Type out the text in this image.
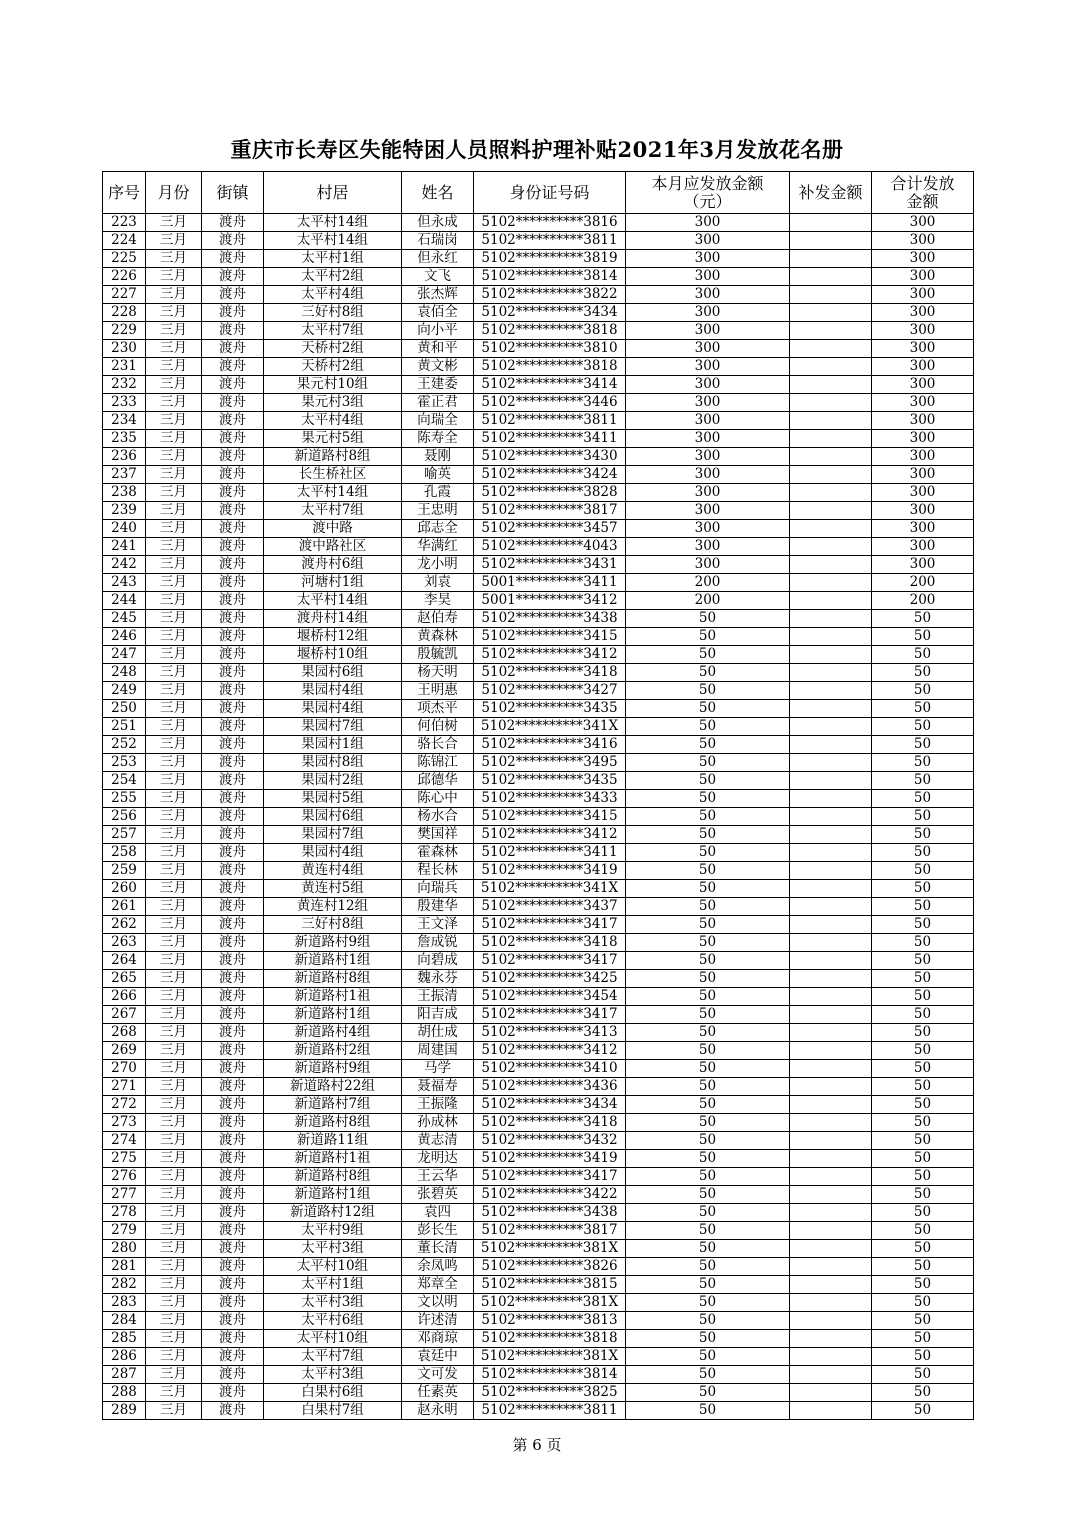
重庆市长寿区失能特困人员照料护理补贴2021年3月发放花名册
序号	月份	街镇	村居	姓名	身份证号码	本月应发放金额（元）	补发金额	合计发放金额
223	三月	渡舟	太平村14组	但永成	5102**********3816	300		300
224	三月	渡舟	太平村14组	石瑞岗	5102**********3811	300		300
225	三月	渡舟	太平村1组	但永红	5102**********3819	300		300
226	三月	渡舟	太平村2组	文飞	5102**********3814	300		300
227	三月	渡舟	太平村4组	张杰辉	5102**********3822	300		300
228	三月	渡舟	三好村8组	袁佰全	5102**********3434	300		300
229	三月	渡舟	太平村7组	向小平	5102**********3818	300		300
230	三月	渡舟	天桥村2组	黄和平	5102**********3810	300		300
231	三月	渡舟	天桥村2组	黄文彬	5102**********3818	300		300
232	三月	渡舟	果元村10组	王建委	5102**********3414	300		300
233	三月	渡舟	果元村3组	霍正君	5102**********3446	300		300
234	三月	渡舟	太平村4组	向瑞全	5102**********3811	300		300
235	三月	渡舟	果元村5组	陈寿全	5102**********3411	300		300
236	三月	渡舟	新道路村8组	聂刚	5102**********3430	300		300
237	三月	渡舟	长生桥社区	喻英	5102**********3424	300		300
238	三月	渡舟	太平村14组	孔霞	5102**********3828	300		300
239	三月	渡舟	太平村7组	王忠明	5102**********3817	300		300
240	三月	渡舟	渡中路	邱志全	5102**********3457	300		300
241	三月	渡舟	渡中路社区	华满红	5102**********4043	300		300
242	三月	渡舟	渡舟村6组	龙小明	5102**********3431	300		300
243	三月	渡舟	河塘村1组	刘袁	5001**********3411	200		200
244	三月	渡舟	太平村14组	李昊	5001**********3412	200		200
245	三月	渡舟	渡舟村14组	赵伯寿	5102**********3438	50		50
246	三月	渡舟	堰桥村12组	黄森林	5102**********3415	50		50
247	三月	渡舟	堰桥村10组	殷毓凯	5102**********3412	50		50
248	三月	渡舟	果园村6组	杨天明	5102**********3418	50		50
249	三月	渡舟	果园村4组	王明惠	5102**********3427	50		50
250	三月	渡舟	果园村4组	项杰平	5102**********3435	50		50
251	三月	渡舟	果园村7组	何伯树	5102**********341X	50		50
252	三月	渡舟	果园村1组	骆长合	5102**********3416	50		50
253	三月	渡舟	果园村8组	陈锦江	5102**********3495	50		50
254	三月	渡舟	果园村2组	邱德华	5102**********3435	50		50
255	三月	渡舟	果园村5组	陈心中	5102**********3433	50		50
256	三月	渡舟	果园村6组	杨水合	5102**********3415	50		50
257	三月	渡舟	果园村7组	樊国祥	5102**********3412	50		50
258	三月	渡舟	果园村4组	霍森林	5102**********3411	50		50
259	三月	渡舟	黄连村4组	程长林	5102**********3419	50		50
260	三月	渡舟	黄连村5组	向瑞兵	5102**********341X	50		50
261	三月	渡舟	黄连村12组	殷建华	5102**********3437	50		50
262	三月	渡舟	三好村8组	王文泽	5102**********3417	50		50
263	三月	渡舟	新道路村9组	詹成锐	5102**********3418	50		50
264	三月	渡舟	新道路村1组	向碧成	5102**********3417	50		50
265	三月	渡舟	新道路村8组	魏永芬	5102**********3425	50		50
266	三月	渡舟	新道路村1祖	王振清	5102**********3454	50		50
267	三月	渡舟	新道路村1组	阳吉成	5102**********3417	50		50
268	三月	渡舟	新道路村4组	胡仕成	5102**********3413	50		50
269	三月	渡舟	新道路村2组	周建国	5102**********3412	50		50
270	三月	渡舟	新道路村9组	马学	5102**********3410	50		50
271	三月	渡舟	新道路村22组	聂福寿	5102**********3436	50		50
272	三月	渡舟	新道路村7组	王振隆	5102**********3434	50		50
273	三月	渡舟	新道路村8组	孙成林	5102**********3418	50		50
274	三月	渡舟	新道路11组	黄志清	5102**********3432	50		50
275	三月	渡舟	新道路村1祖	龙明达	5102**********3419	50		50
276	三月	渡舟	新道路村8组	王云华	5102**********3417	50		50
277	三月	渡舟	新道路村1组	张碧英	5102**********3422	50		50
278	三月	渡舟	新道路村12组	袁四	5102**********3438	50		50
279	三月	渡舟	太平村9组	彭长生	5102**********3817	50		50
280	三月	渡舟	太平村3组	董长清	5102**********381X	50		50
281	三月	渡舟	太平村10组	余凤鸣	5102**********3826	50		50
282	三月	渡舟	太平村1组	郑章全	5102**********3815	50		50
283	三月	渡舟	太平村3组	文以明	5102**********381X	50		50
284	三月	渡舟	太平村6组	许述清	5102**********3813	50		50
285	三月	渡舟	太平村10组	邓商琼	5102**********3818	50		50
286	三月	渡舟	太平村7组	袁廷中	5102**********381X	50		50
287	三月	渡舟	太平村3组	文可发	5102**********3814	50		50
288	三月	渡舟	白果村6组	任素英	5102**********3825	50		50
289	三月	渡舟	白果村7组	赵永明	5102**********3811	50		50
第 6 页
